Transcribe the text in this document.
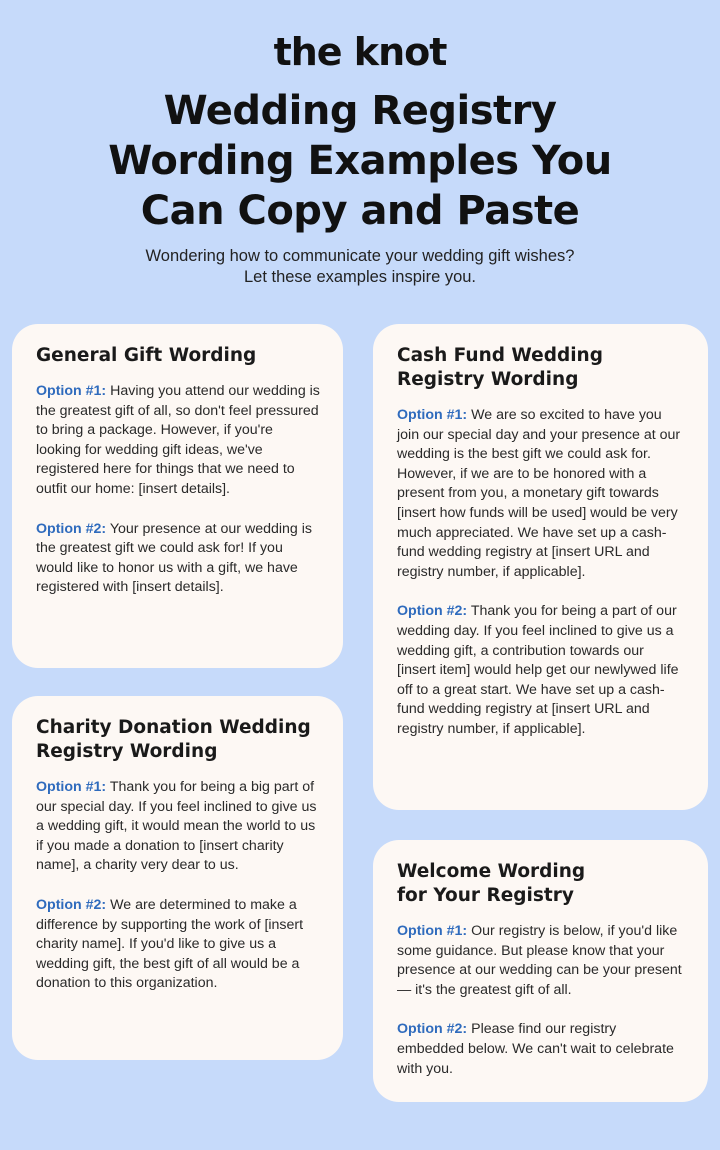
the knot
Wedding Registry
Wording Examples You
Can Copy and Paste
Wondering how to communicate your wedding gift wishes?
Let these examples inspire you.
General Gift Wording

Option #1: Having you attend our wedding is the greatest gift of all, so don't feel pressured to bring a package. However, if you're looking for wedding gift ideas, we've registered here for things that we need to outfit our home: [insert details].

Option #2: Your presence at our wedding is the greatest gift we could ask for! If you would like to honor us with a gift, we have registered with [insert details].

Charity Donation Wedding
Registry Wording

Option #1: Thank you for being a big part of our special day. If you feel inclined to give us a wedding gift, it would mean the world to us if you made a donation to [insert charity name], a charity very dear to us.

Option #2: We are determined to make a difference by supporting the work of [insert charity name]. If you'd like to give us a wedding gift, the best gift of all would be a donation to this organization.

Cash Fund Wedding
Registry Wording

Option #1: We are so excited to have you join our special day and your presence at our wedding is the best gift we could ask for. However, if we are to be honored with a present from you, a monetary gift towards [insert how funds will be used] would be very much appreciated. We have set up a cash-fund wedding registry at [insert URL and registry number, if applicable].

Option #2: Thank you for being a part of our wedding day. If you feel inclined to give us a wedding gift, a contribution towards our [insert item] would help get our newlywed life off to a great start. We have set up a cash-fund wedding registry at [insert URL and registry number, if applicable].

Welcome Wording
for Your Registry

Option #1: Our registry is below, if you'd like some guidance. But please know that your presence at our wedding can be your present — it's the greatest gift of all.

Option #2: Please find our registry embedded below. We can't wait to celebrate with you.
